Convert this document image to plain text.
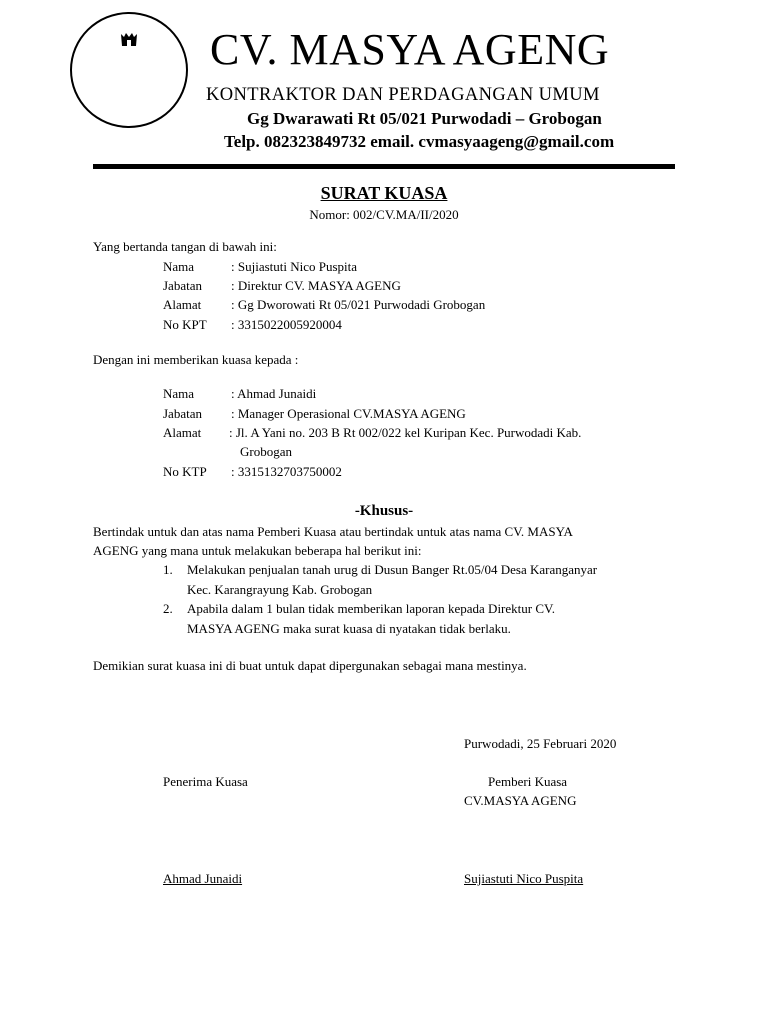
CV. MASYA AGENG

KONTRAKTOR DAN PERDAGANGAN UMUM

Gg Dwarawati Rt 05/021 Purwodadi – Grobogan

Telp. 082323849732 email. cvmasyaageng@gmail.com

SURAT KUASA

Nomor: 002/CV.MA/II/2020

Yang bertanda tangan di bawah ini:

Nama	: Sujiastuti Nico Puspita

Jabatan : Direktur CV. MASYA AGENG

Alamat : Gg Dworowati Rt 05/021 Purwodadi Grobogan

No KPT : 3315022005920004

Dengan ini memberikan kuasa kepada :

Nama	: Ahmad Junaidi

Jabatan : Manager Operasional CV.MASYA AGENG

Alamat : Jl. A Yani no. 203 B Rt 002/022 kel Kuripan Kec. Purwodadi Kab.

Grobogan

No KTP : 3315132703750002

-Khusus-

Bertindak untuk dan atas nama Pemberi Kuasa atau bertindak untuk atas nama CV. MASYA

AGENG yang mana untuk melakukan beberapa hal berikut ini:

1. Melakukan penjualan tanah urug di Dusun Banger Rt.05/04 Desa Karanganyar

Kec. Karangrayung Kab. Grobogan

2. Apabila dalam 1 bulan tidak memberikan laporan kepada Direktur CV.

MASYA AGENG maka surat kuasa di nyatakan tidak berlaku.

Demikian surat kuasa ini di buat untuk dapat dipergunakan sebagai mana mestinya.

Purwodadi, 25 Februari 2020

Penerima Kuasa	Pemberi Kuasa

CV.MASYA AGENG

Ahmad Junaidi	Sujiastuti Nico Puspita
